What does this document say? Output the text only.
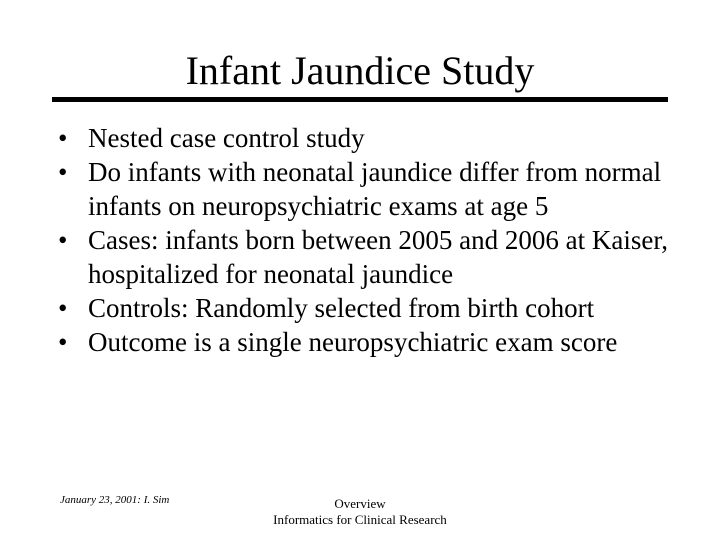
Infant Jaundice Study
• Nested case control study
• Do infants with neonatal jaundice differ from normal infants on neuropsychiatric exams at age 5
• Cases: infants born between 2005 and 2006 at Kaiser, hospitalized for neonatal jaundice
• Controls: Randomly selected from birth cohort
• Outcome is a single neuropsychiatric exam score
January 23, 2001: I. Sim	Overview
Informatics for Clinical Research
